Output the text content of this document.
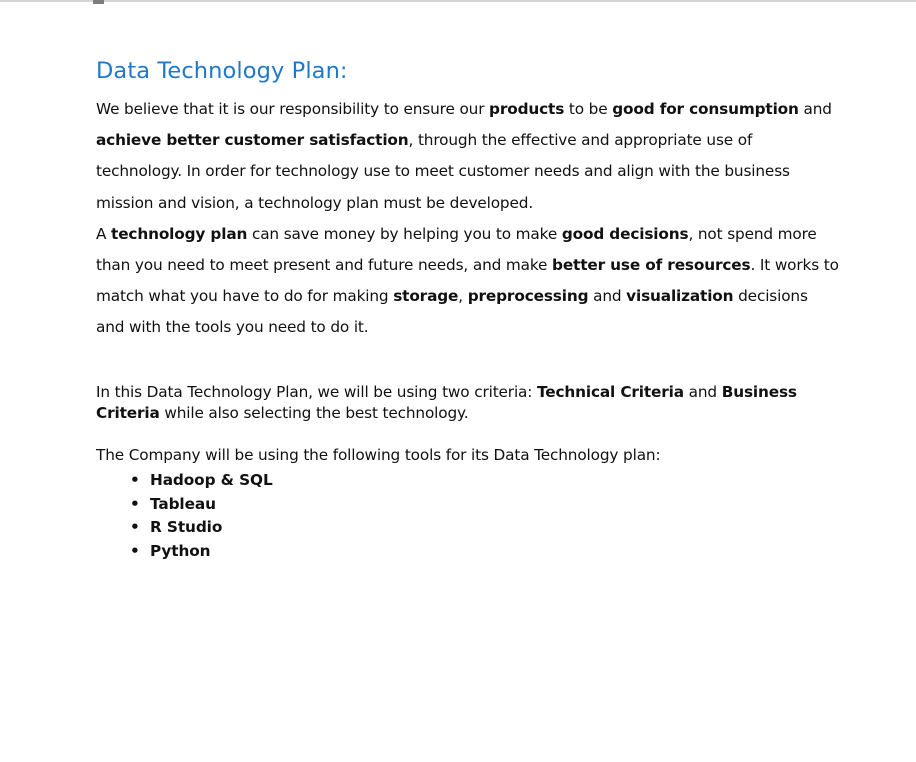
Data Technology Plan:

We believe that it is our responsibility to ensure our products to be good for consumption and achieve better customer satisfaction, through the effective and appropriate use of technology. In order for technology use to meet customer needs and align with the business mission and vision, a technology plan must be developed.

A technology plan can save money by helping you to make good decisions, not spend more than you need to meet present and future needs, and make better use of resources. It works to match what you have to do for making storage, preprocessing and visualization decisions and with the tools you need to do it.

In this Data Technology Plan, we will be using two criteria: Technical Criteria and Business Criteria while also selecting the best technology.

The Company will be using the following tools for its Data Technology plan:

• Hadoop & SQL
• Tableau
• R Studio
• Python
